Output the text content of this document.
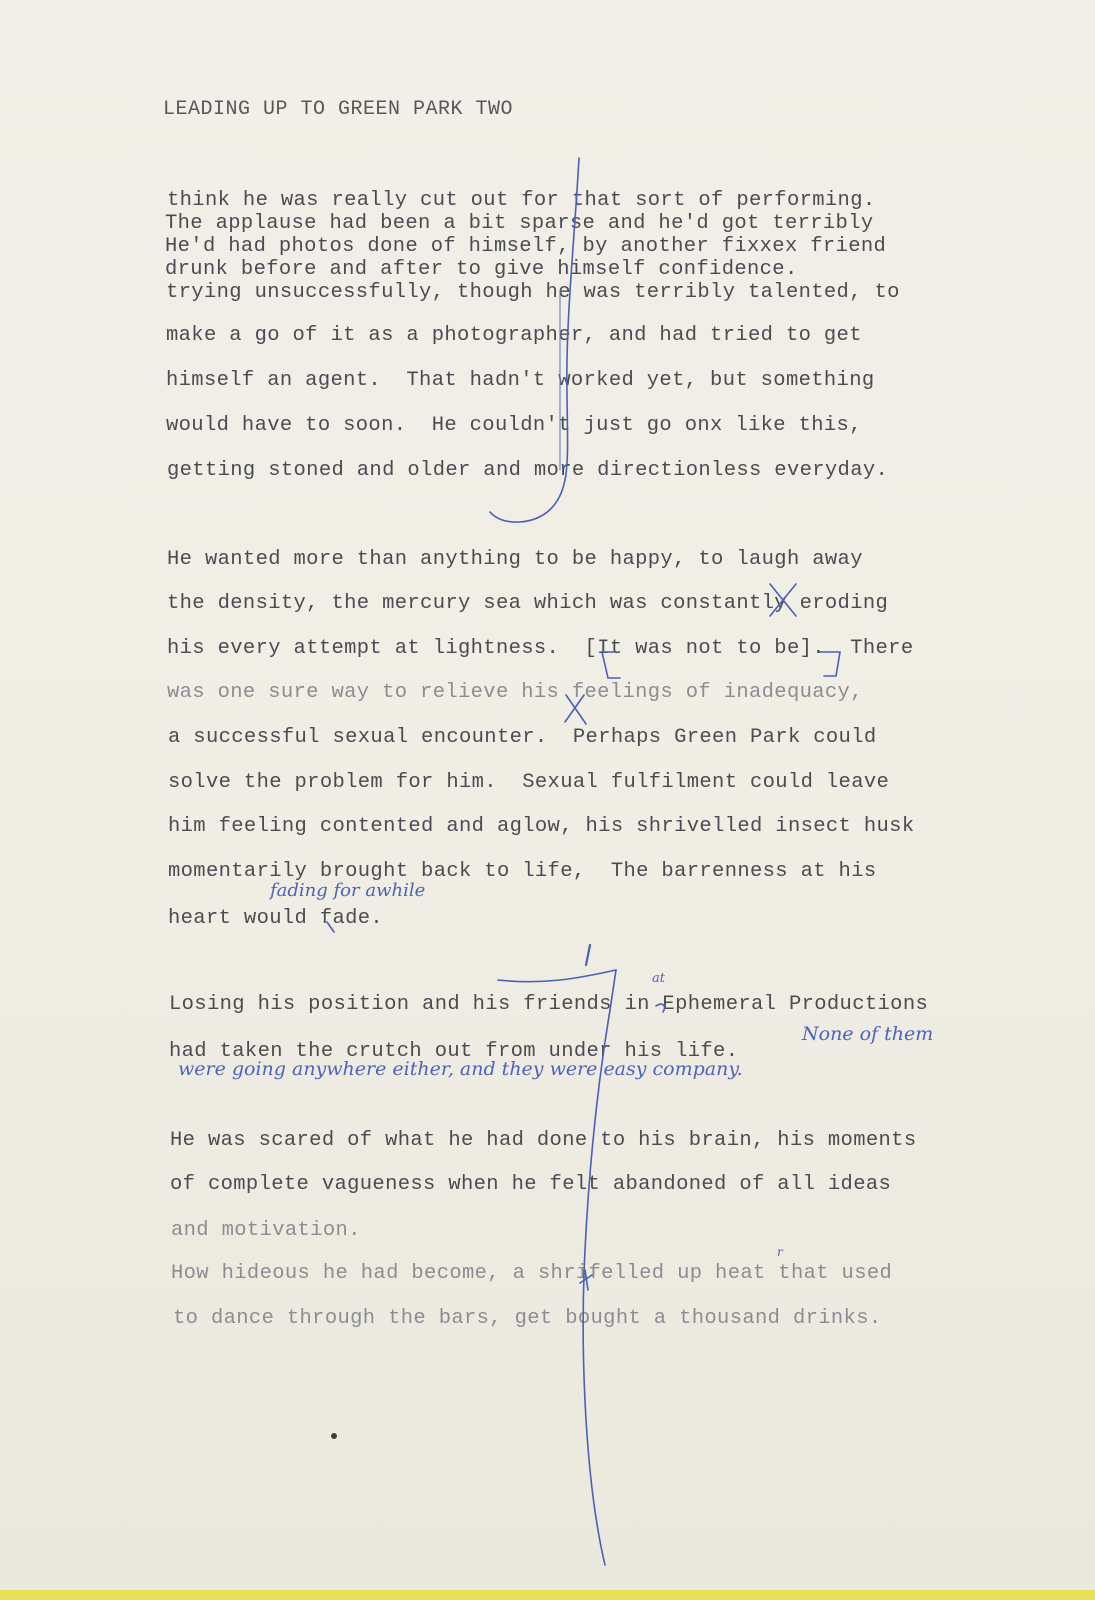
LEADING UP TO GREEN PARK TWO
think he was really cut out for that sort of performing.
The applause had been a bit sparse and he'd got terribly
He'd had photos done of himself, by another fixxex friend
drunk before and after to give himself confidence.
trying unsuccessfully, though he was terribly talented, to
make a go of it as a photographer, and had tried to get
himself an agent.  That hadn't worked yet, but something
would have to soon.  He couldn't just go onx like this,
getting stoned and older and more directionless everyday.
He wanted more than anything to be happy, to laugh away
the density, the mercury sea which was constantly eroding
his every attempt at lightness.  [It was not to be].  There
was one sure way to relieve his feelings of inadequacy,
a successful sexual encounter.  Perhaps Green Park could
solve the problem for him.  Sexual fulfilment could leave
him feeling contented and aglow, his shrivelled insect husk
momentarily brought back to life,  The barrenness at his
heart would fade.
Losing his position and his friends in Ephemeral Productions
had taken the crutch out from under his life.
He was scared of what he had done to his brain, his moments
of complete vagueness when he felt abandoned of all ideas
and motivation.
How hideous he had become, a shrifelled up heat that used
to dance through the bars, get bought a thousand drinks.
fading for awhile
at
None of them
were going anywhere either, and they were easy company.
r
